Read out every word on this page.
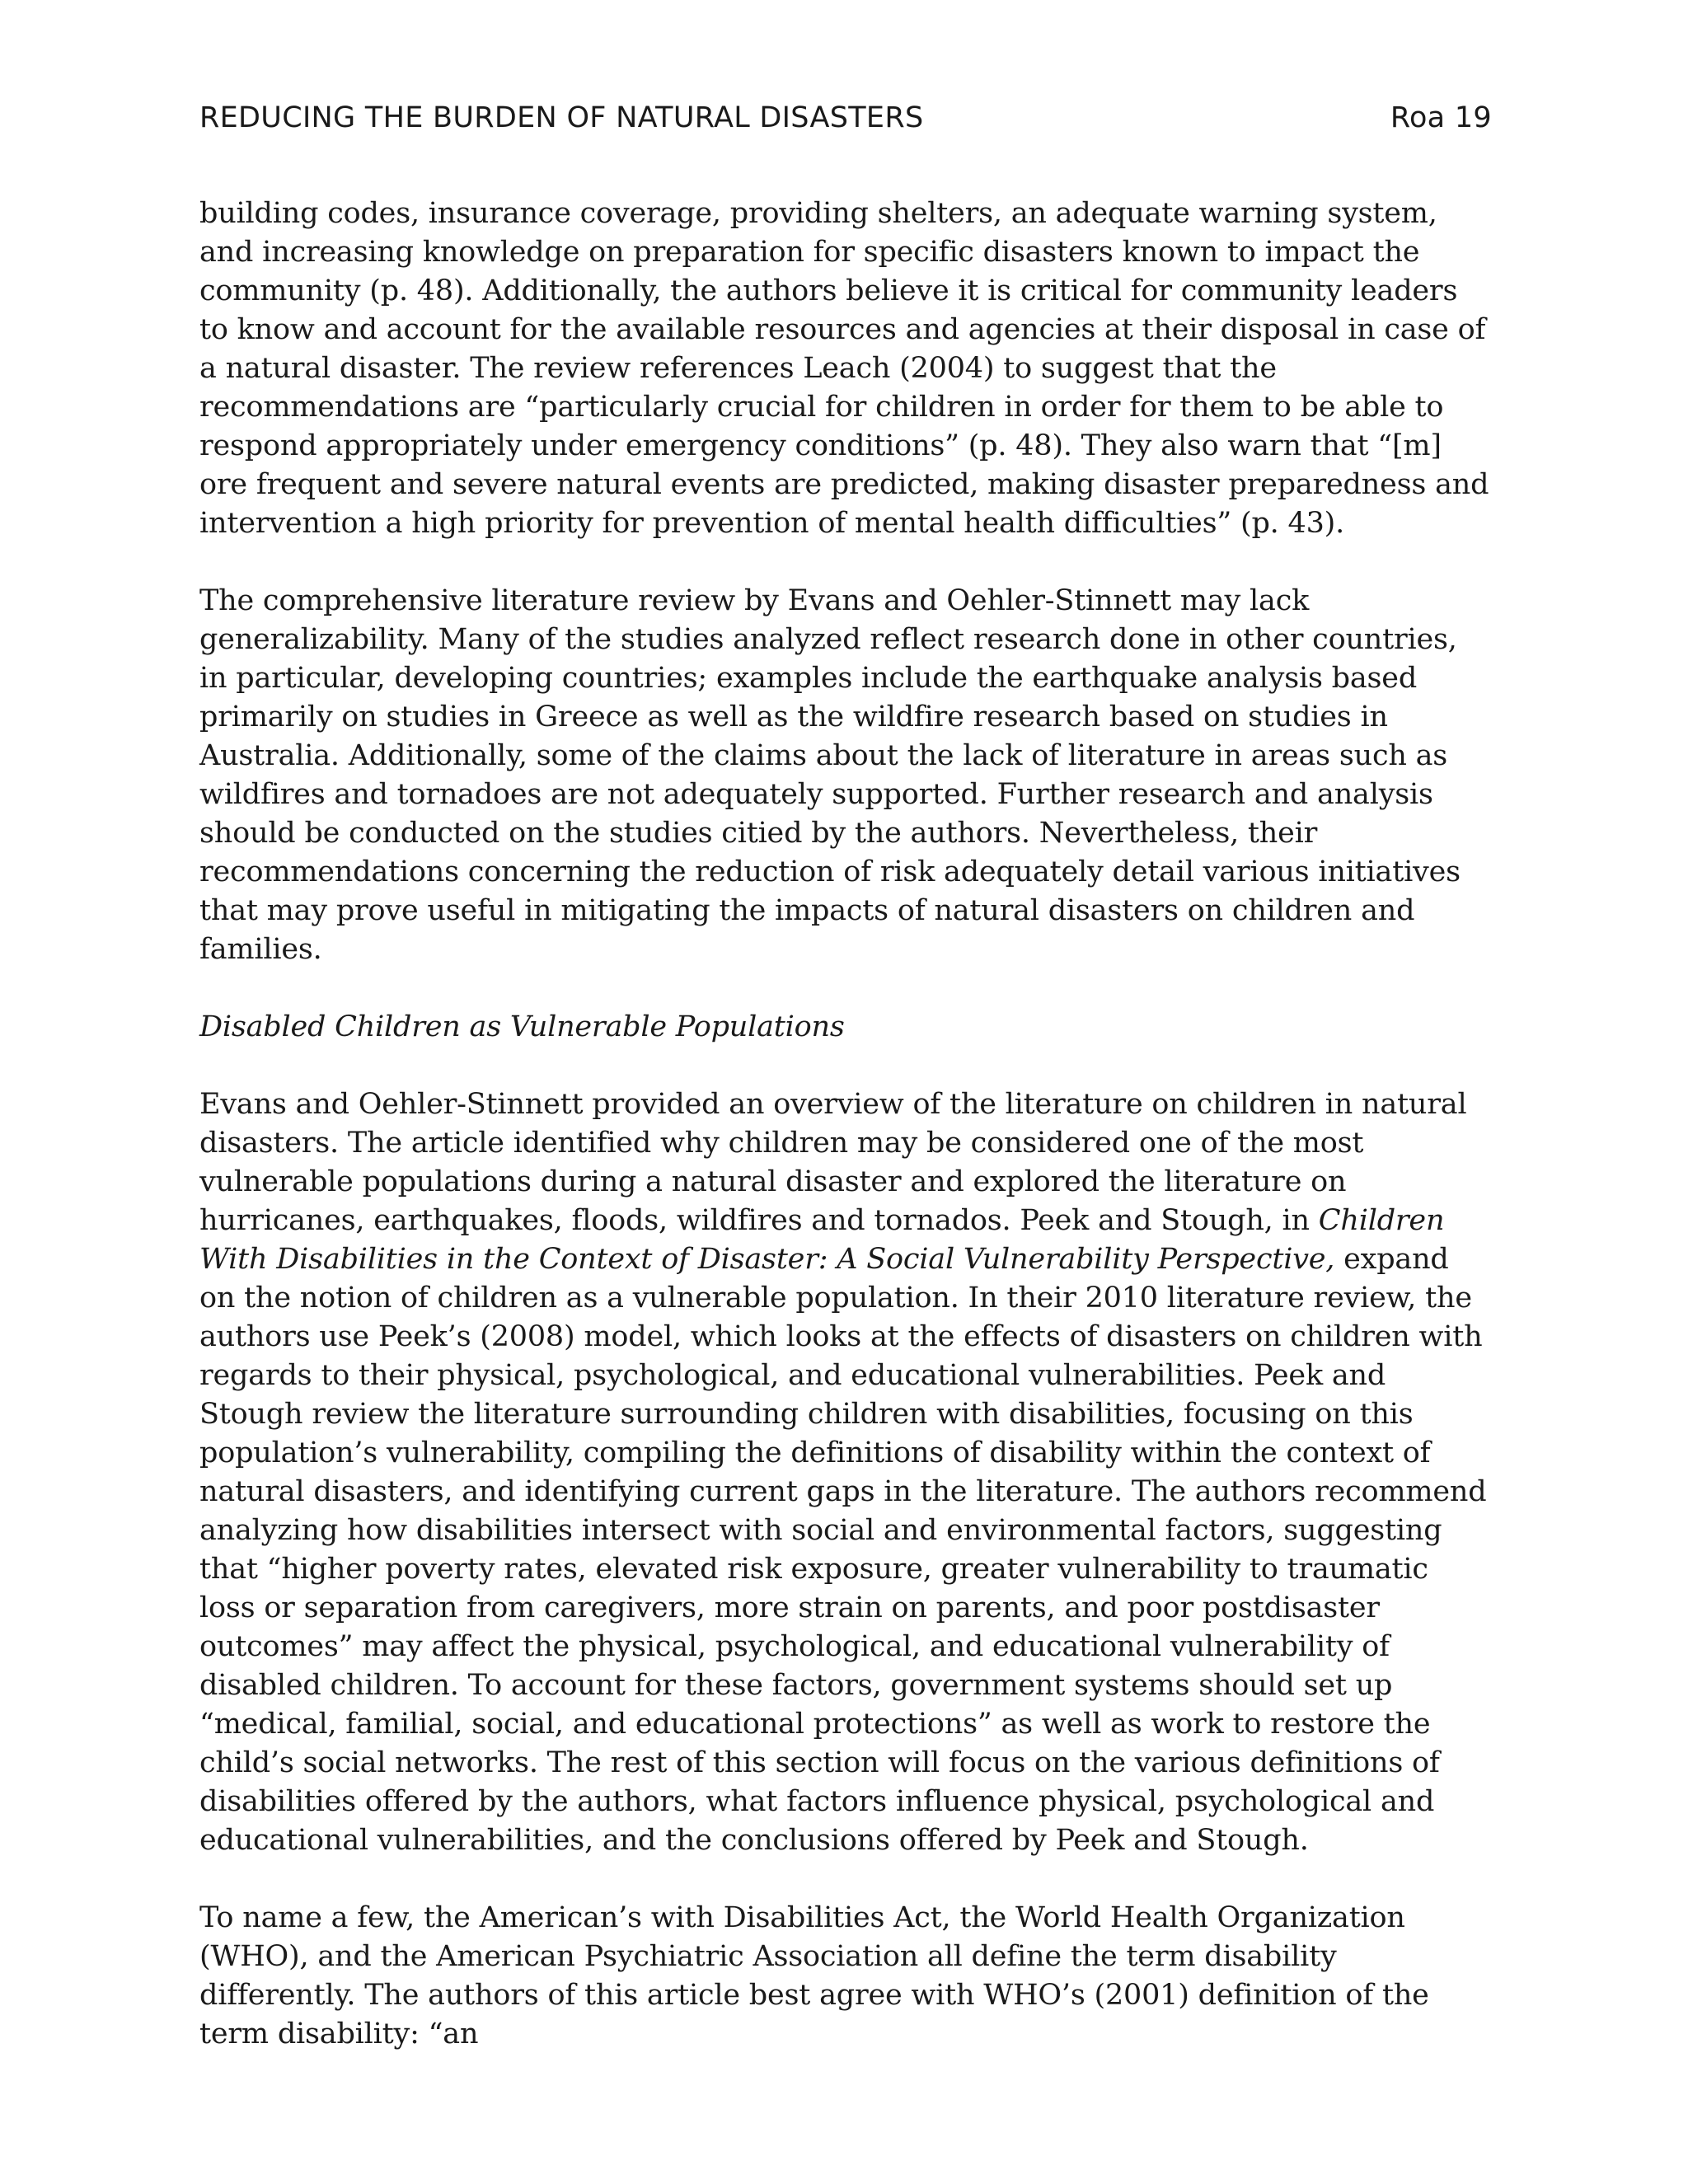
REDUCING THE BURDEN OF NATURAL DISASTERS	Roa 19

building codes, insurance coverage, providing shelters, an adequate warning system, and increasing knowledge on preparation for specific disasters known to impact the community (p. 48). Additionally, the authors believe it is critical for community leaders to know and account for the available resources and agencies at their disposal in case of a natural disaster. The review references Leach (2004) to suggest that the recommendations are “particularly crucial for children in order for them to be able to respond appropriately under emergency conditions” (p. 48). They also warn that “[m] ore frequent and severe natural events are predicted, making disaster preparedness and intervention a high priority for prevention of mental health difficulties” (p. 43).

The comprehensive literature review by Evans and Oehler-Stinnett may lack generalizability. Many of the studies analyzed reflect research done in other countries, in particular, developing countries; examples include the earthquake analysis based primarily on studies in Greece as well as the wildfire research based on studies in Australia. Additionally, some of the claims about the lack of literature in areas such as wildfires and tornadoes are not adequately supported. Further research and analysis should be conducted on the studies citied by the authors. Nevertheless, their recommendations concerning the reduction of risk adequately detail various initiatives that may prove useful in mitigating the impacts of natural disasters on children and families.

Disabled Children as Vulnerable Populations

Evans and Oehler-Stinnett provided an overview of the literature on children in natural disasters. The article identified why children may be considered one of the most vulnerable populations during a natural disaster and explored the literature on hurricanes, earthquakes, floods, wildfires and tornados. Peek and Stough, in Children With Disabilities in the Context of Disaster: A Social Vulnerability Perspective, expand on the notion of children as a vulnerable population. In their 2010 literature review, the authors use Peek’s (2008) model, which looks at the effects of disasters on children with regards to their physical, psychological, and educational vulnerabilities. Peek and Stough review the literature surrounding children with disabilities, focusing on this population’s vulnerability, compiling the definitions of disability within the context of natural disasters, and identifying current gaps in the literature. The authors recommend analyzing how disabilities intersect with social and environmental factors, suggesting that “higher poverty rates, elevated risk exposure, greater vulnerability to traumatic loss or separation from caregivers, more strain on parents, and poor postdisaster outcomes” may affect the physical, psychological, and educational vulnerability of disabled children. To account for these factors, government systems should set up “medical, familial, social, and educational protections” as well as work to restore the child’s social networks. The rest of this section will focus on the various definitions of disabilities offered by the authors, what factors influence physical, psychological and educational vulnerabilities, and the conclusions offered by Peek and Stough.

To name a few, the American’s with Disabilities Act, the World Health Organization (WHO), and the American Psychiatric Association all define the term disability differently. The authors of this article best agree with WHO’s (2001) definition of the term disability: “an
